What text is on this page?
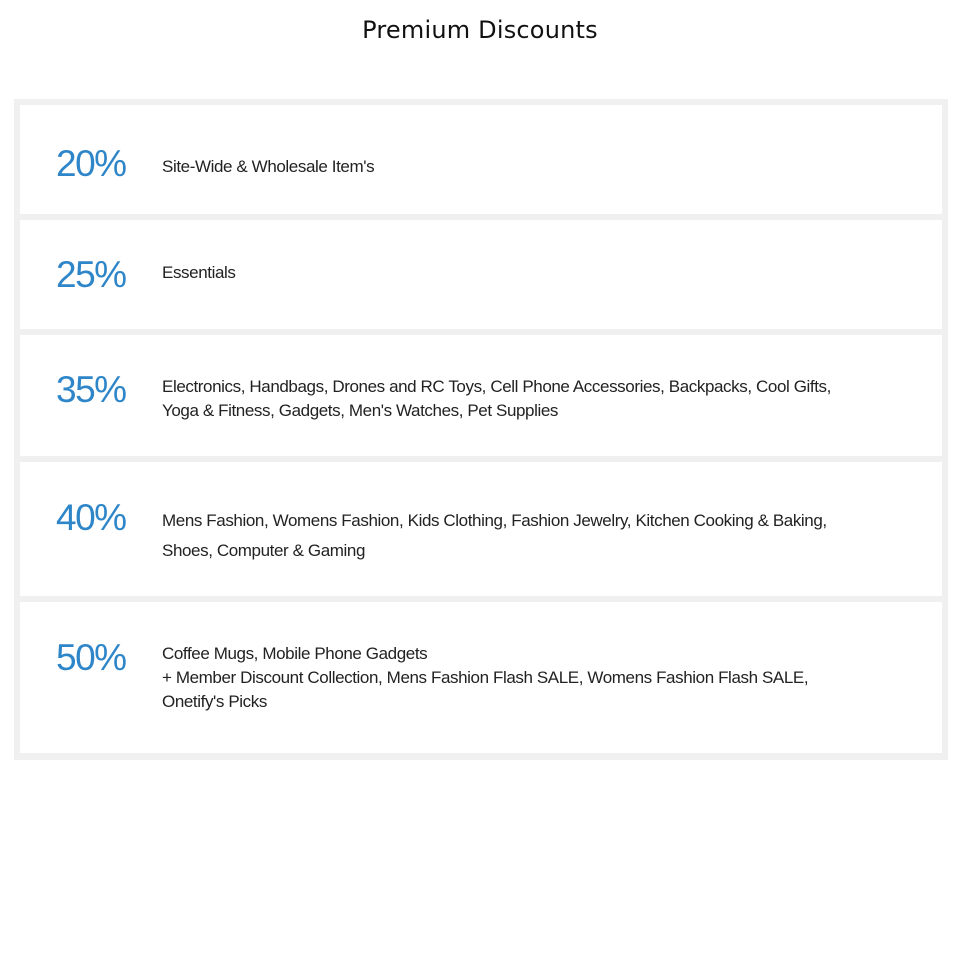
Premium Discounts
20% Site-Wide & Wholesale Item's
25% Essentials
35% Electronics, Handbags, Drones and RC Toys, Cell Phone Accessories, Backpacks, Cool Gifts,
Yoga & Fitness, Gadgets, Men's Watches, Pet Supplies
40% Mens Fashion, Womens Fashion, Kids Clothing, Fashion Jewelry, Kitchen Cooking & Baking,
Shoes, Computer & Gaming
50% Coffee Mugs, Mobile Phone Gadgets
+ Member Discount Collection, Mens Fashion Flash SALE, Womens Fashion Flash SALE,
Onetify's Picks
